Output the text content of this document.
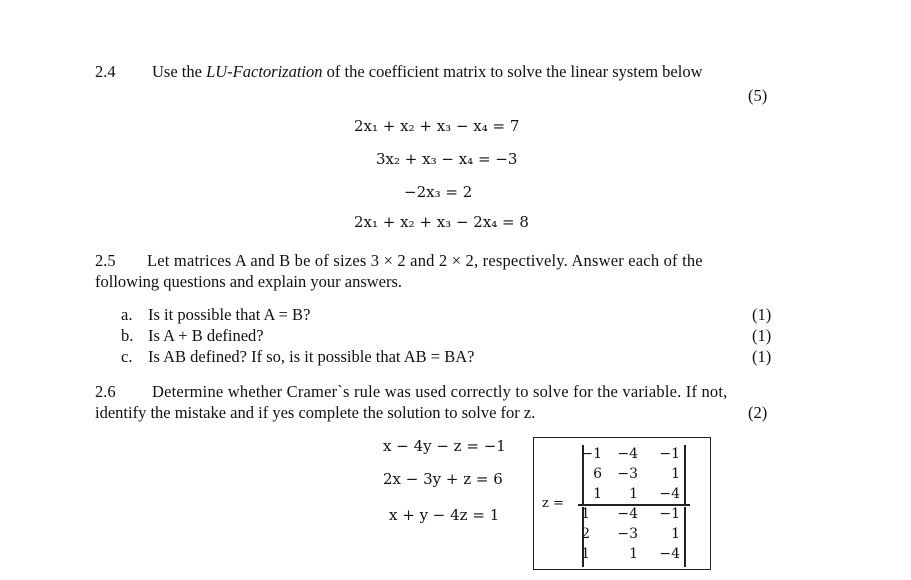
2.4 Use the LU-Factorization of the coefficient matrix to solve the linear system below
(5)
2x₁ + x₂ + x₃ − x₄ = 7
3x₂ + x₃ − x₄ = −3
−2x₃ = 2
2x₁ + x₂ + x₃ − 2x₄ = 8
2.5 Let matrices A and B be of sizes 3 × 2 and 2 × 2, respectively. Answer each of the
following questions and explain your answers.
a. Is it possible that A = B?	(1)
b. Is A + B defined?	(1)
c. Is AB defined? If so, is it possible that AB = BA?	(1)
2.6 Determine whether Cramer`s rule was used correctly to solve for the variable. If not,
identify the mistake and if yes complete the solution to solve for z.	(2)
x − 4y − z = −1
2x − 3y + z = 6
x + y − 4z = 1
z =
−1 −4 −1
6 −3	1
1	1 −4
1 −4 −1
2 −3	1
1	1 −4
